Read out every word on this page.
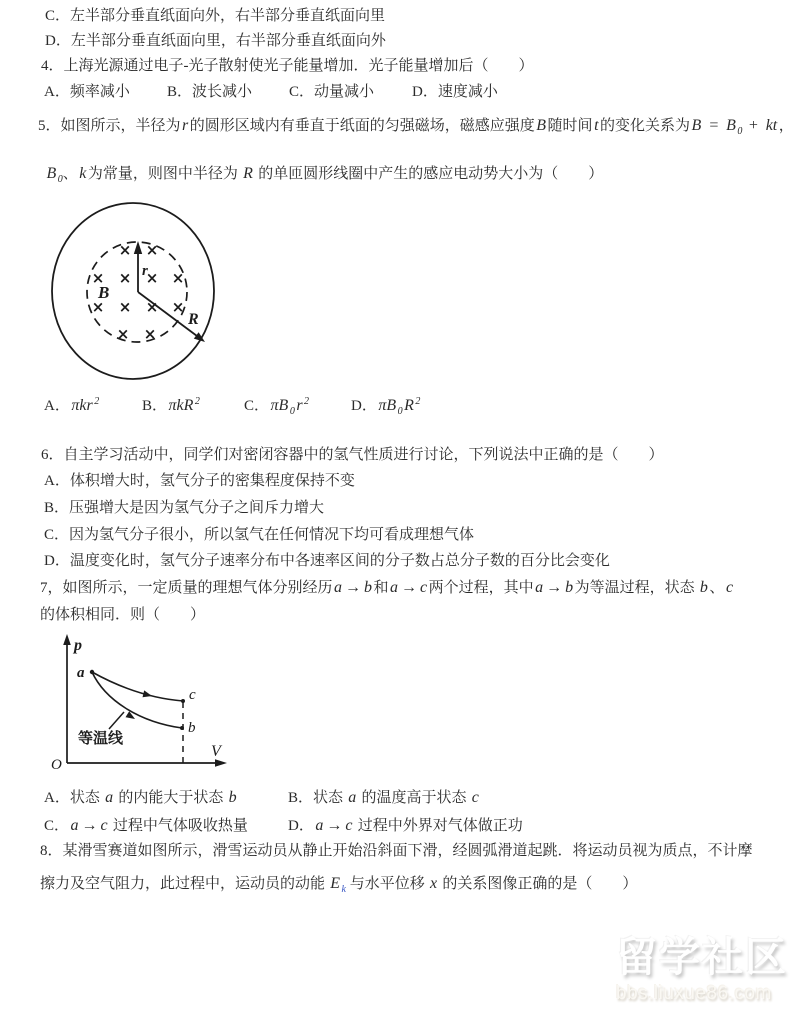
C．左半部分垂直纸面向外，右半部分垂直纸面向里
D．左半部分垂直纸面向里，右半部分垂直纸面向外
4．上海光源通过电子-光子散射使光子能量增加．光子能量增加后（　　）
A．频率减小 B．波长减小 C．动量减小	D．速度减小
5．如图所示，半径为r 的圆形区域内有垂直于纸面的匀强磁场，磁感应强度B 随时间t 的变化关系为B = B $_0$ + kt ，
B $_0$、k 为常量，则图中半径为 R 的单匝圆形线圈中产生的感应电动势大小为（　　）
B
r
R
× ×
× × × ×
× × × ×
× ×
A．πkr $^2$	B．πkR $^2$	C．πB $_0$r $^2$	D．πB $_0$R $^2$
6．自主学习活动中，同学们对密闭容器中的氢气性质进行讨论，下列说法中正确的是（　　）
A．体积增大时，氢气分子的密集程度保持不变
B．压强增大是因为氢气分子之间斥力增大
C．因为氢气分子很小，所以氢气在任何情况下均可看成理想气体
D．温度变化时，氢气分子速率分布中各速率区间的分子数占总分子数的百分比会变化
7，如图所示，一定质量的理想气体分别经历a → b 和a → c 两个过程，其中a → b 为等温过程，状态 b 、c
的体积相同．则（　　）
O
p
V
a
c
b
等温线
A．状态 a 的内能大于状态 b	B．状态 a 的温度高于状态 c
C．a → c 过程中气体吸收热量	D．a → c 过程中外界对气体做正功
8．某滑雪赛道如图所示，滑雪运动员从静止开始沿斜面下滑，经圆弧滑道起跳．将运动员视为质点，不计摩
擦力及空气阻力，此过程中，运动员的动能 E $_k$ 与水平位移 x 的关系图像正确的是（　　）
留学社区
bbs.liuxue86.com
